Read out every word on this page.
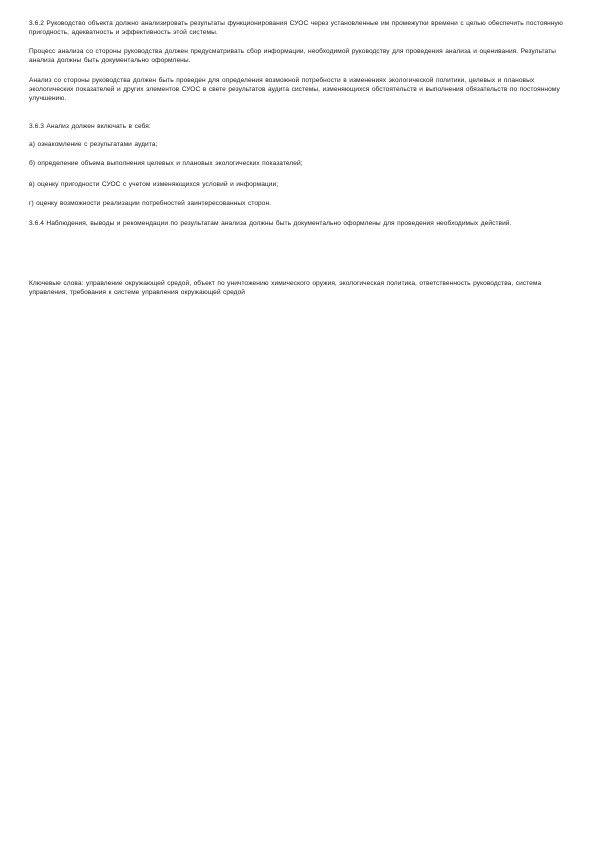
3.6.2 Руководство объекта должно анализировать результаты функционирования СУОС через установленные им промежутки времени с целью обеспечить постоянную пригодность, адекватность и эффективность этой системы.

Процесс анализа со стороны руководства должен предусматривать сбор информации, необходимой руководству для проведения анализа и оценивания. Результаты анализа должны быть документально оформлены.

Анализ со стороны руководства должен быть проведен для определения возможной потребности в изменениях экологической политики, целевых и плановых экологических показателей и других элементов СУОС в свете результатов аудита системы, изменяющихся обстоятельств и выполнения обязательств по постоянному улучшению.

3.6.3 Анализ должен включать в себя:

а) ознакомление с результатами аудита;

б) определение объема выполнения целевых и плановых экологических показателей;

в) оценку пригодности СУОС с учетом изменяющихся условий и информации;

г) оценку возможности реализации потребностей заинтересованных сторон.

3.6.4 Наблюдения, выводы и рекомендации по результатам анализа должны быть документально оформлены для проведения необходимых действий.

Ключевые слова: управление окружающей средой, объект по уничтожению химического оружия, экологическая политика, ответственность руководства, система управления, требования к системе управления окружающей средой
